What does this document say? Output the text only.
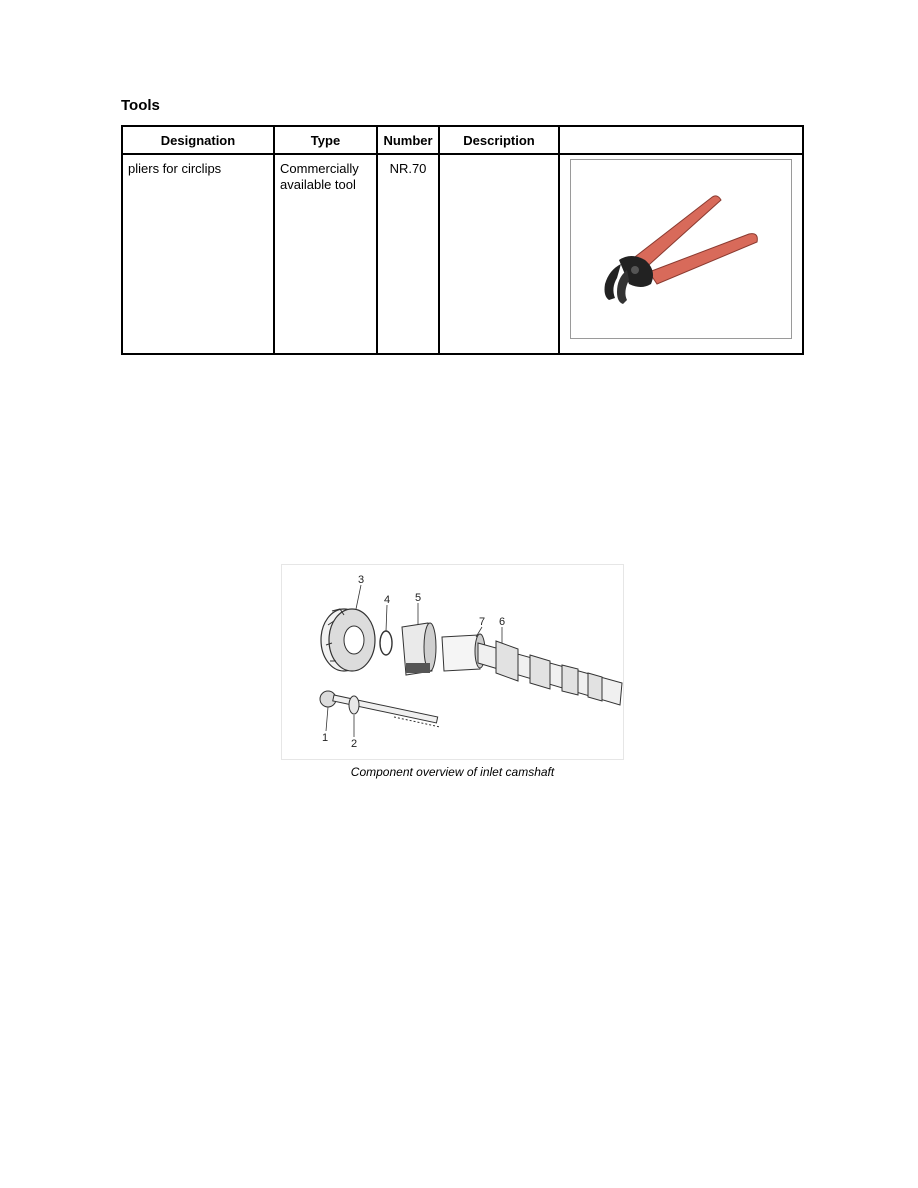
Tools
Designation	Type	Number	Description	
pliers for circlips	Commercially available tool	NR.70		
3
4 5
7 6
1 2
Component overview of inlet camshaft
